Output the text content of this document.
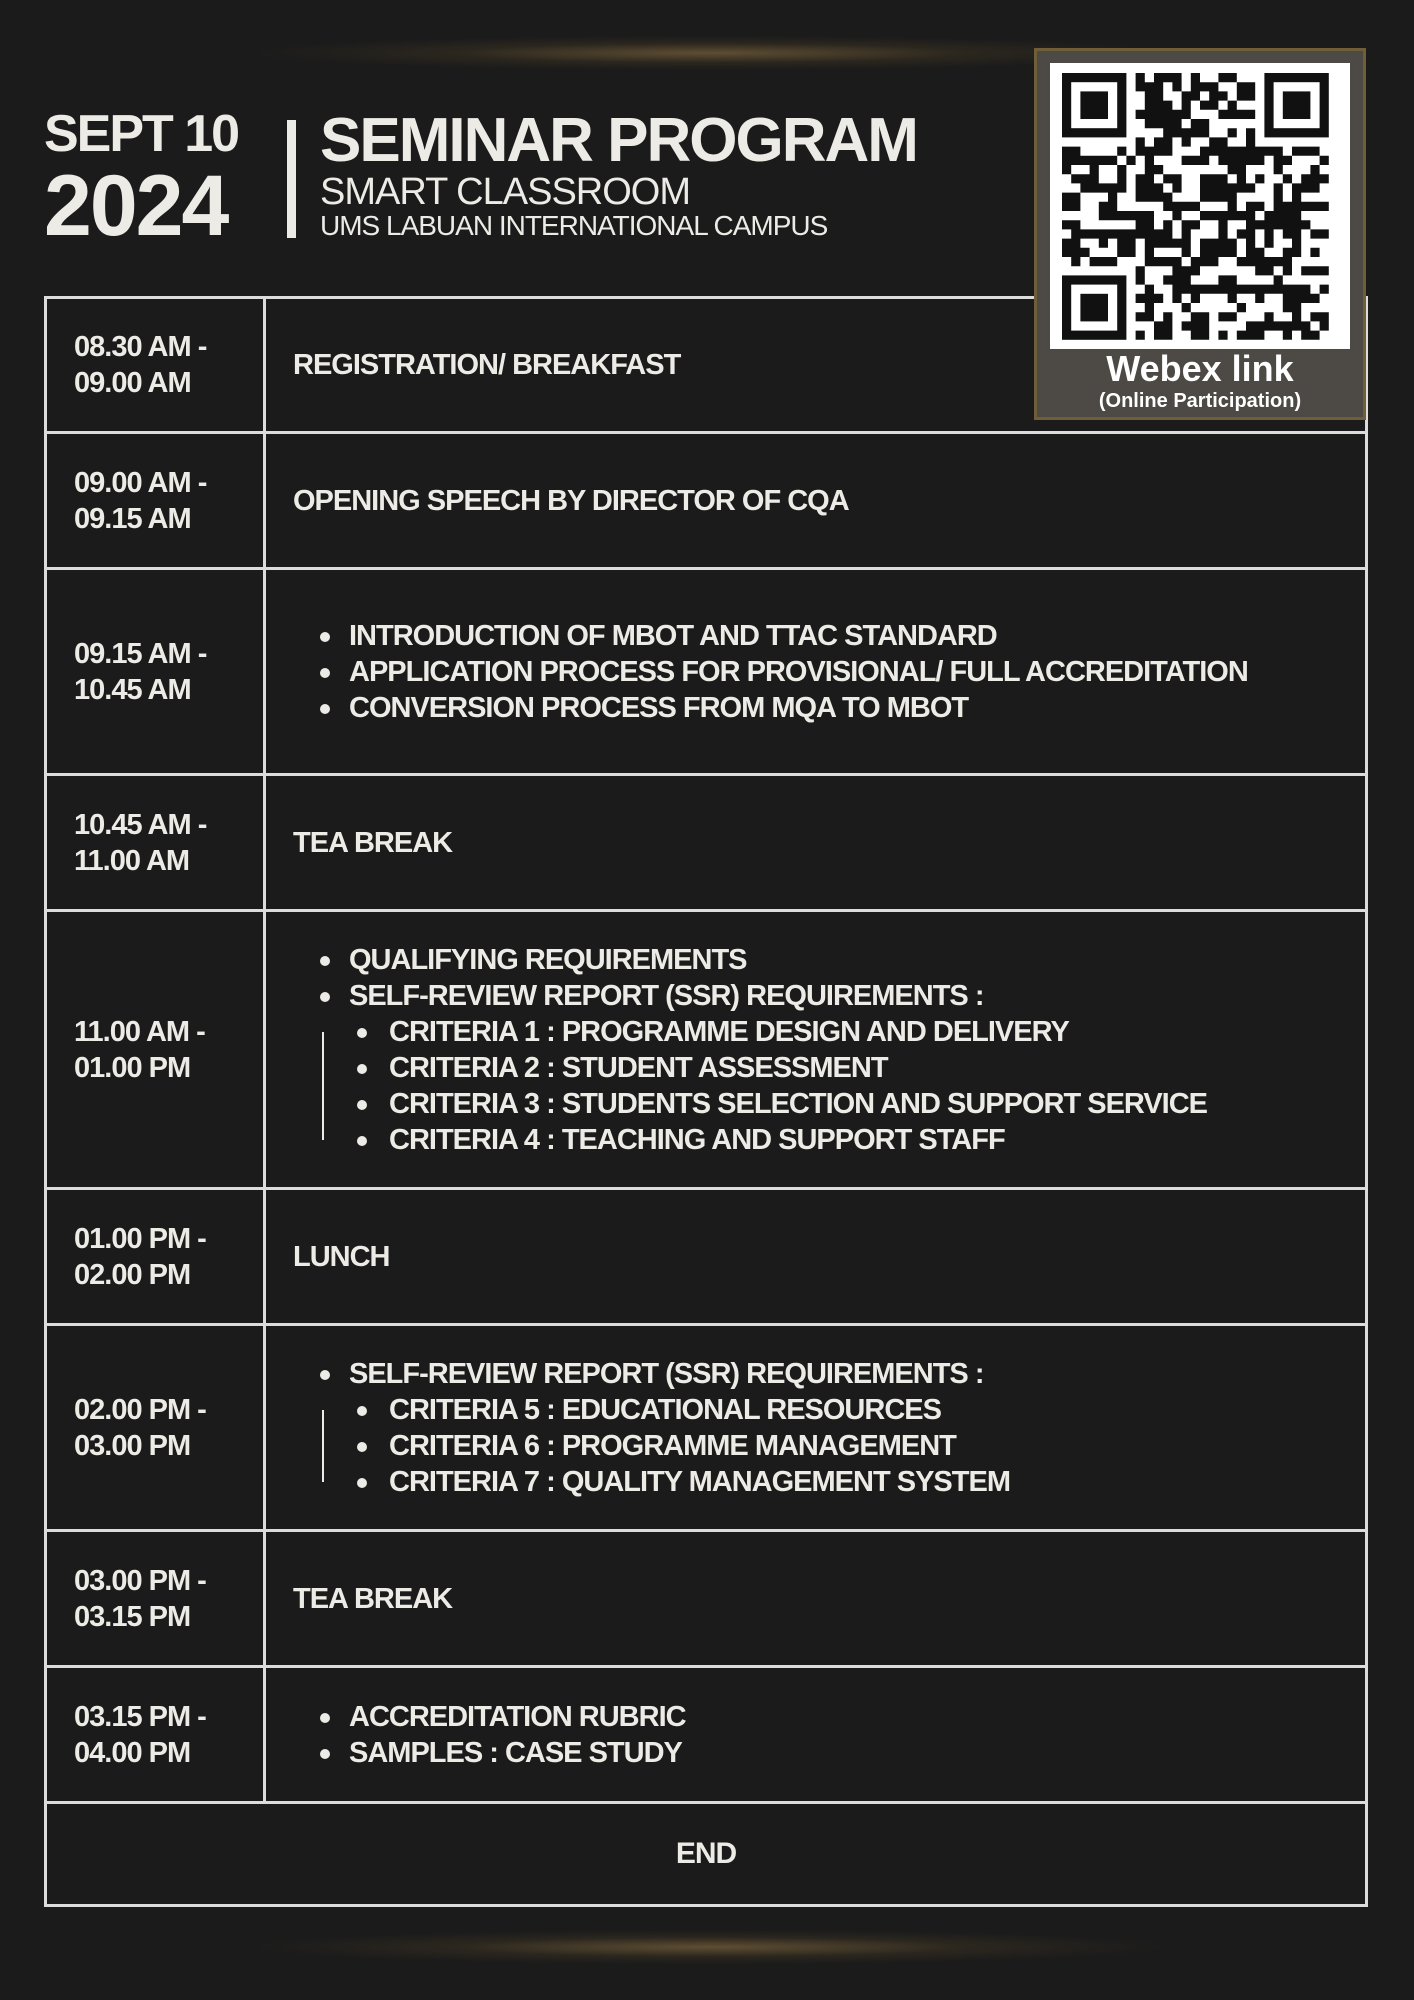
SEPT 10
2024
SEMINAR PROGRAM
SMART CLASSROOM
UMS LABUAN INTERNATIONAL CAMPUS
08.30 AM -
09.00 AM
REGISTRATION/ BREAKFAST
09.00 AM -
09.15 AM
OPENING SPEECH BY DIRECTOR OF CQA
09.15 AM -
10.45 AM
INTRODUCTION OF MBOT AND TTAC STANDARD
APPLICATION PROCESS FOR PROVISIONAL/ FULL ACCREDITATION
CONVERSION PROCESS FROM MQA TO MBOT
10.45 AM -
11.00 AM
TEA BREAK
11.00 AM -
01.00 PM
QUALIFYING REQUIREMENTS
SELF-REVIEW REPORT (SSR) REQUIREMENTS :
CRITERIA 1 : PROGRAMME DESIGN AND DELIVERY
CRITERIA 2 : STUDENT ASSESSMENT
CRITERIA 3 : STUDENTS SELECTION AND SUPPORT SERVICE
CRITERIA 4 : TEACHING AND SUPPORT STAFF
01.00 PM -
02.00 PM
LUNCH
02.00 PM -
03.00 PM
SELF-REVIEW REPORT (SSR) REQUIREMENTS :
CRITERIA 5 : EDUCATIONAL RESOURCES
CRITERIA 6 : PROGRAMME MANAGEMENT
CRITERIA 7 : QUALITY MANAGEMENT SYSTEM
03.00 PM -
03.15 PM
TEA BREAK
03.15 PM -
04.00 PM
ACCREDITATION RUBRIC
SAMPLES : CASE STUDY
END
Webex link
(Online Participation)
